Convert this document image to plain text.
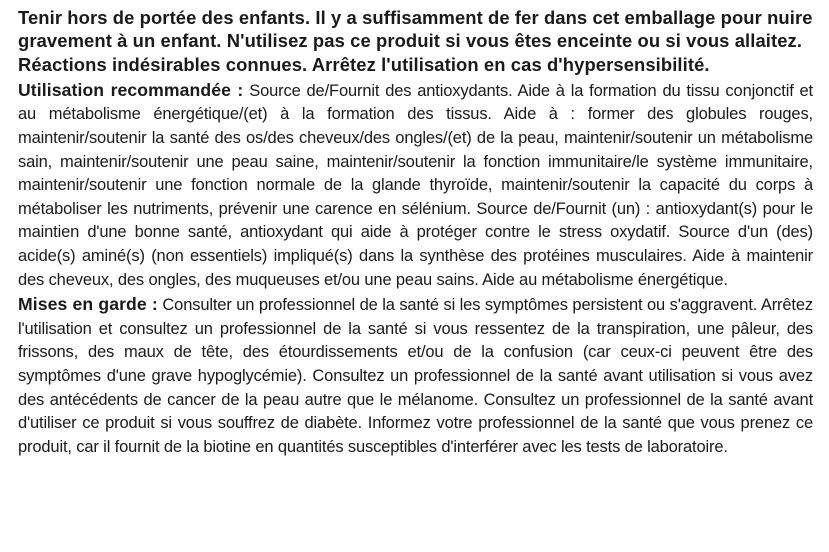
Tenir hors de portée des enfants. Il y a suffisamment de fer dans cet emballage pour nuire gravement à un enfant. N'utilisez pas ce produit si vous êtes enceinte ou si vous allaitez. Réactions indésirables connues. Arrêtez l'utilisation en cas d'hypersensibilité.

Utilisation recommandée : Source de/Fournit des antioxydants. Aide à la formation du tissu conjonctif et au métabolisme énergétique/(et) à la formation des tissus. Aide à : former des globules rouges, maintenir/soutenir la santé des os/des cheveux/des ongles/(et) de la peau, maintenir/soutenir un métabolisme sain, maintenir/soutenir une peau saine, maintenir/soutenir la fonction immunitaire/le système immunitaire, maintenir/soutenir une fonction normale de la glande thyroïde, maintenir/soutenir la capacité du corps à métaboliser les nutriments, prévenir une carence en sélénium. Source de/Fournit (un) : antioxydant(s) pour le maintien d'une bonne santé, antioxydant qui aide à protéger contre le stress oxydatif. Source d'un (des) acide(s) aminé(s) (non essentiels) impliqué(s) dans la synthèse des protéines musculaires. Aide à maintenir des cheveux, des ongles, des muqueuses et/ou une peau sains. Aide au métabolisme énergétique.

Mises en garde : Consulter un professionnel de la santé si les symptômes persistent ou s'aggravent. Arrêtez l'utilisation et consultez un professionnel de la santé si vous ressentez de la transpiration, une pâleur, des frissons, des maux de tête, des étourdissements et/ou de la confusion (car ceux-ci peuvent être des symptômes d'une grave hypoglycémie). Consultez un professionnel de la santé avant utilisation si vous avez des antécédents de cancer de la peau autre que le mélanome. Consultez un professionnel de la santé avant d'utiliser ce produit si vous souffrez de diabète. Informez votre professionnel de la santé que vous prenez ce produit, car il fournit de la biotine en quantités susceptibles d'interférer avec les tests de laboratoire.
